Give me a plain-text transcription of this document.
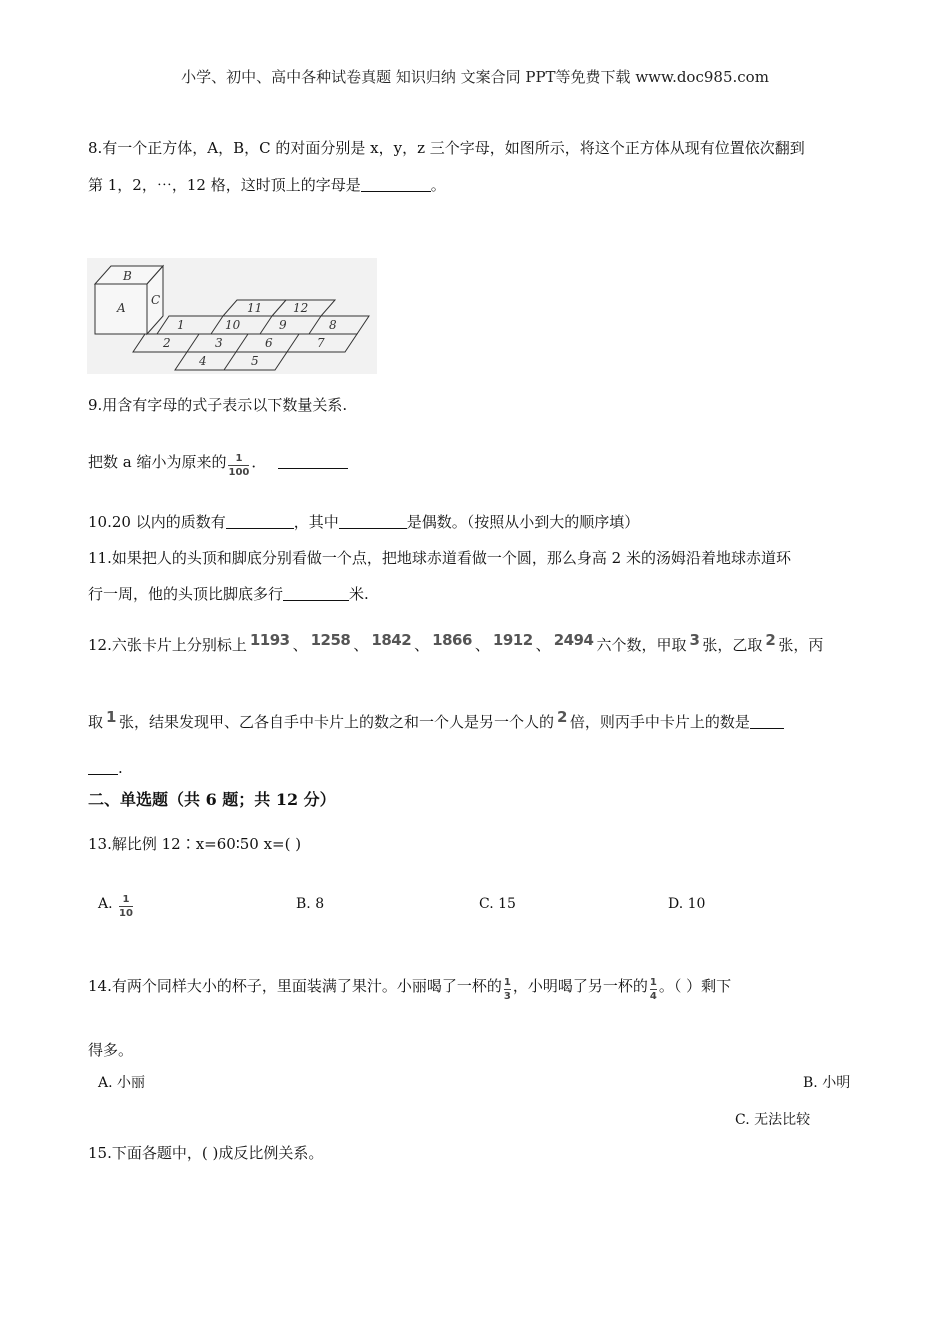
小学、初中、高中各种试卷真题 知识归纳 文案合同 PPT等免费下载 www.doc985.com
8.有一个正方体，A，B，C 的对面分别是 x，y，z 三个字母，如图所示，将这个正方体从现有位置依次翻到
第 1，2，⋯，12 格，这时顶上的字母是	。
B
A
C
11	12
1	10	9	8
2	3	6	7
4	5
9.用含有字母的式子表示以下数量关系.
把数 a 缩小为原来的 $\frac{1}{100}$ ．
10.20 以内的质数有	，其中	是偶数。（按照从小到大的顺序填）
11.如果把人的头顶和脚底分别看做一个点，把地球赤道看做一个圆，那么身高 2 米的汤姆沿着地球赤道环
行一周，他的头顶比脚底多行	米.
12.六张卡片上分别标上 1193 、 1258 、 1842 、 1866 、 1912 、 2494 六个数，甲取 3 张，乙取 2 张，丙
取 1 张，结果发现甲、乙各自手中卡片上的数之和一个人是另一个人的 2 倍，则丙手中卡片上的数是
.
二、单选题（共 6 题；共 12 分）
13.解比例 12∶x=60∶50 x=( )
A. $\frac{1}{10}$	B. 8	C. 15	D. 10
14.有两个同样大小的杯子，里面装满了果汁。小丽喝了一杯的 $\frac{1}{3}$ ，小明喝了另一杯的 $\frac{1}{4}$ 。（ ）剩下
得多。
A. 小丽	B. 小明
C. 无法比较
15.下面各题中，( )成反比例关系。
